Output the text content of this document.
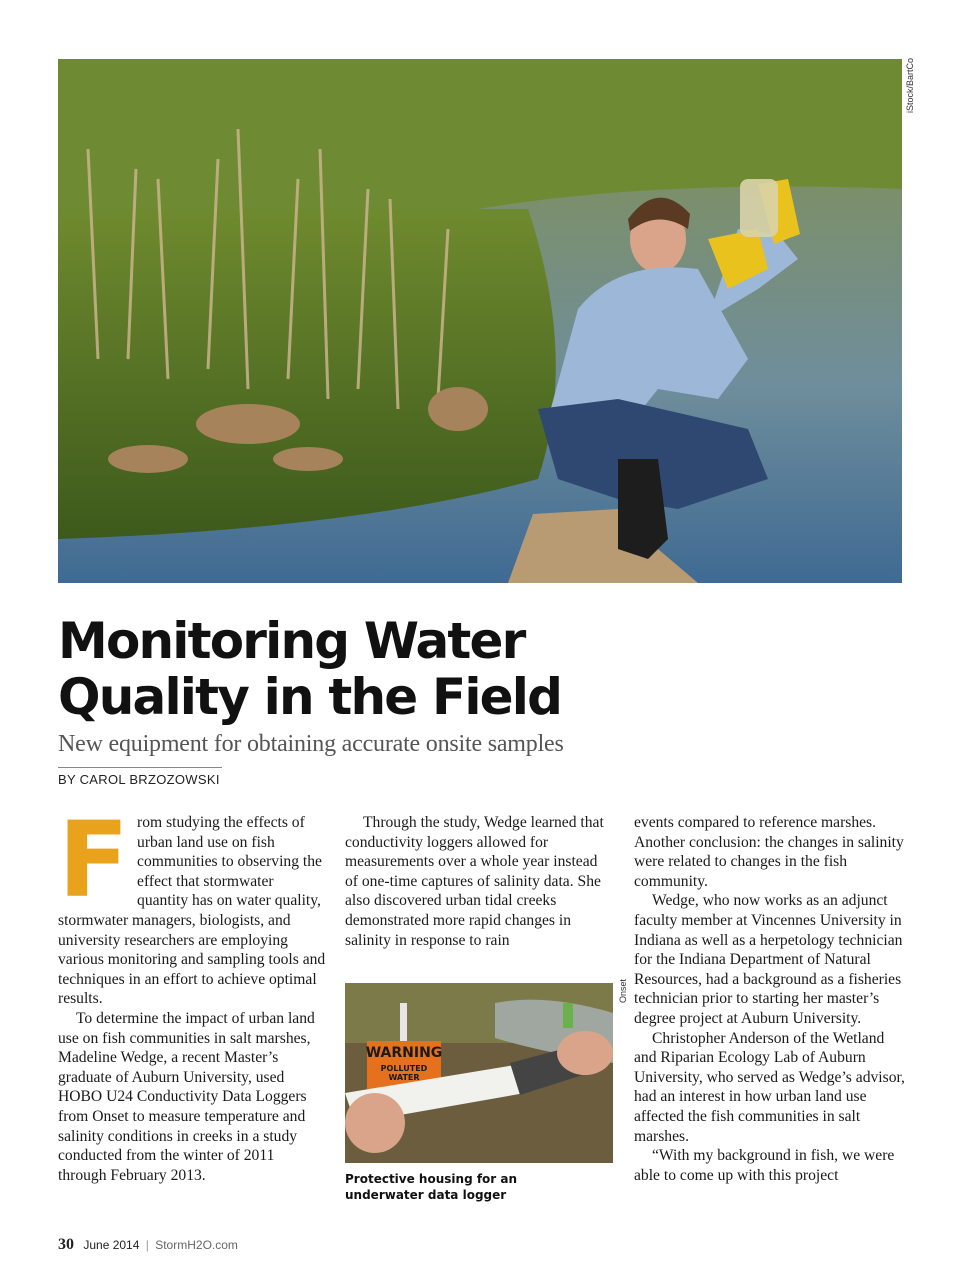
iStock/BartCo
Monitoring Water
Quality in the Field
New equipment for obtaining accurate onsite samples
BY CAROL BRZOZOWSKI

From studying the effects of urban land use on fish communities to observing the effect that stormwater quantity has on water quality, stormwater managers, biologists, and university researchers are employing various monitoring and sampling tools and techniques in an effort to achieve optimal results.

To determine the impact of urban land use on fish communities in salt marshes, Madeline Wedge, a recent Master’s graduate of Auburn University, used HOBO U24 Conductivity Data Loggers from Onset to measure temperature and salinity conditions in creeks in a study conducted from the winter of 2011 through February 2013.

Through the study, Wedge learned that conductivity loggers allowed for measurements over a whole year instead of one-time captures of salinity data. She also discovered urban tidal creeks demonstrated more rapid changes in salinity in response to rain

WARNING
POLLUTED
WATER
Onset
Protective housing for an underwater data logger

events compared to reference marshes. Another conclusion: the changes in salinity were related to changes in the fish community.

Wedge, who now works as an adjunct faculty member at Vincennes University in Indiana as well as a herpetology technician for the Indiana Department of Natural Resources, had a background as a fisheries technician prior to starting her master’s degree project at Auburn University.

Christopher Anderson of the Wetland and Riparian Ecology Lab of Auburn University, who served as Wedge’s advisor, had an interest in how urban land use affected the fish communities in salt marshes.

“With my background in fish, we were able to come up with this project

30 June 2014 | StormH2O.com
